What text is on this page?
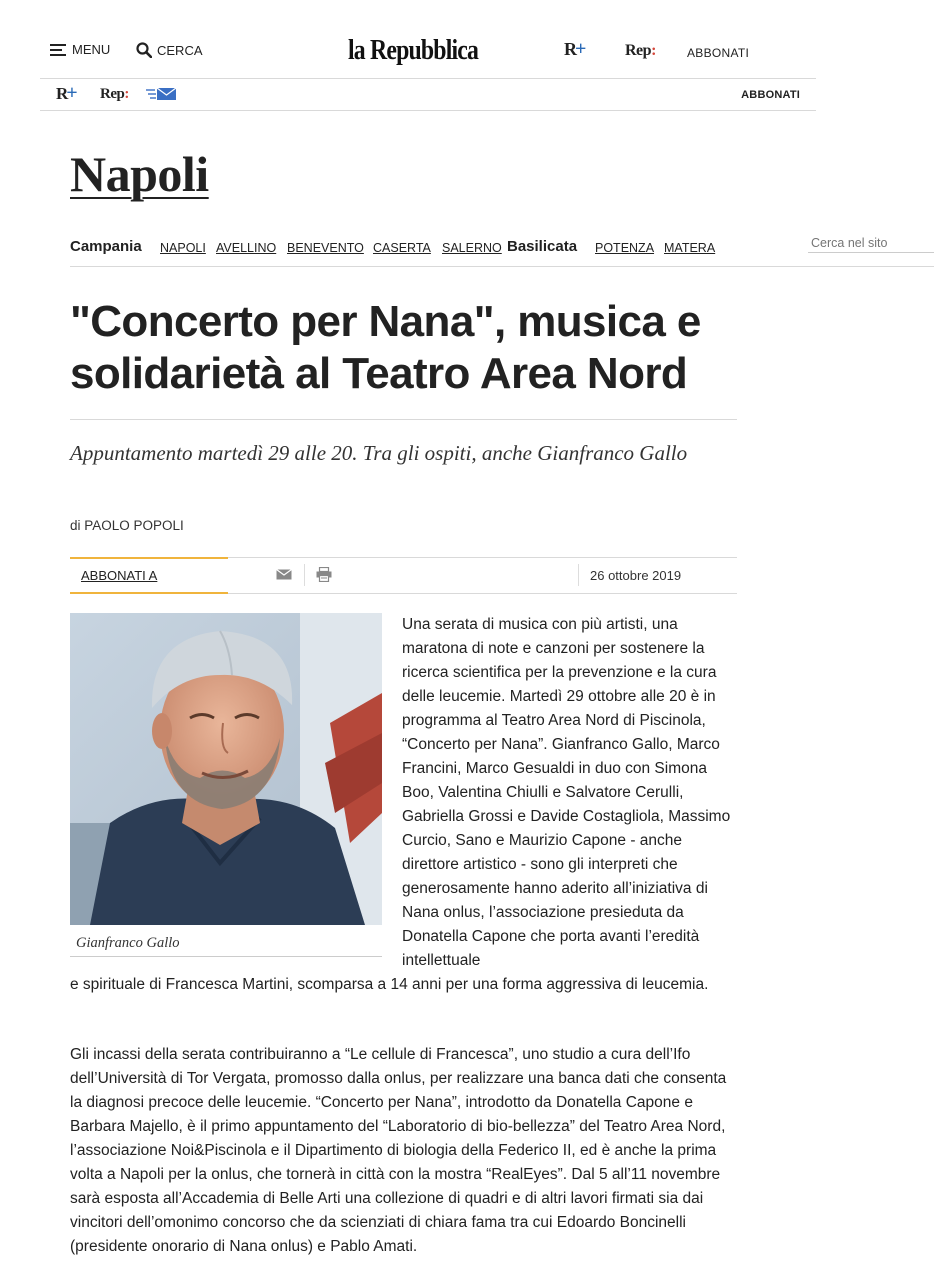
MENU	CERCA	la Repubblica	R+ Rep:	ABBONATI
R+ Rep:	ABBONATI
Napoli
Campania NAPOLI AVELLINO BENEVENTO CASERTA SALERNO Basilicata POTENZA MATERA
Cerca nel sito
"Concerto per Nana", musica e solidarietà al Teatro Area Nord
Appuntamento martedì 29 alle 20. Tra gli ospiti, anche Gianfranco Gallo
di PAOLO POPOLI
ABBONATI A	26 ottobre 2019
Gianfranco Gallo
Una serata di musica con più artisti, una maratona di note e canzoni per sostenere la ricerca scientifica per la prevenzione e la cura delle leucemie. Martedì 29 ottobre alle 20 è in programma al Teatro Area Nord di Piscinola, “Concerto per Nana”. Gianfranco Gallo, Marco Francini, Marco Gesualdi in duo con Simona Boo, Valentina Chiulli e Salvatore Cerulli, Gabriella Grossi e Davide Costagliola, Massimo Curcio, Sano e Maurizio Capone - anche direttore artistico - sono gli interpreti che generosamente hanno aderito all’iniziativa di Nana onlus, l’associazione presieduta da Donatella Capone che porta avanti l’eredità intellettuale
e spirituale di Francesca Martini, scomparsa a 14 anni per una forma aggressiva di leucemia.
Gli incassi della serata contribuiranno a “Le cellule di Francesca”, uno studio a cura dell’Ifo dell’Università di Tor Vergata, promosso dalla onlus, per realizzare una banca dati che consenta la diagnosi precoce delle leucemie. “Concerto per Nana”, introdotto da Donatella Capone e Barbara Majello, è il primo appuntamento del “Laboratorio di bio-bellezza” del Teatro Area Nord, l’associazione Noi&Piscinola e il Dipartimento di biologia della Federico II, ed è anche la prima volta a Napoli per la onlus, che tornerà in città con la mostra “RealEyes”. Dal 5 all’11 novembre sarà esposta all’Accademia di Belle Arti una collezione di quadri e di altri lavori firmati sia dai vincitori dell’omonimo concorso che da scienziati di chiara fama tra cui Edoardo Boncinelli (presidente onorario di Nana onlus) e Pablo Amati.
